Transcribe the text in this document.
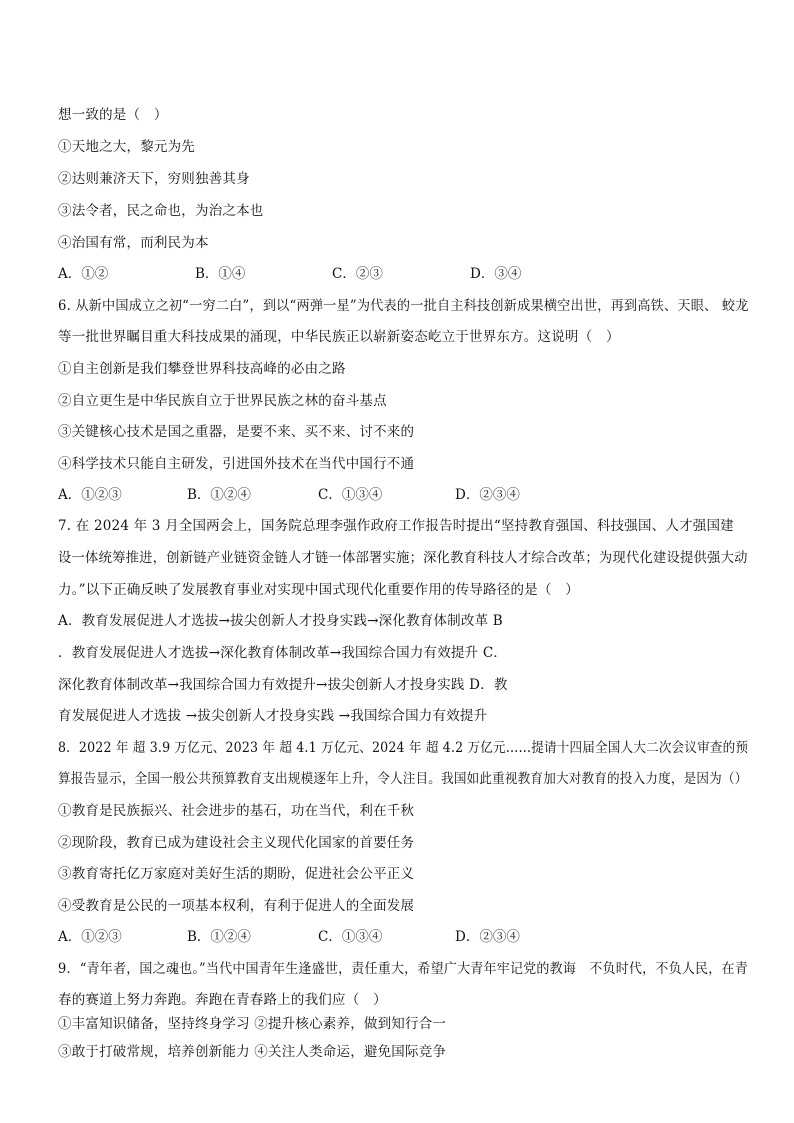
想一致的是（　）
①天地之大，黎元为先
②达则兼济天下，穷则独善其身
③法令者，民之命也，为治之本也
④治国有常，而利民为本
A．①②	B．①④	C．②③	D．③④
6. 从新中国成立之初“一穷二白”，到以“两弹一星”为代表的一批自主科技创新成果横空出世，再到高铁、天眼、 蛟龙
等一批世界瞩目重大科技成果的涌现，中华民族正以崭新姿态屹立于世界东方。这说明（　）
①自主创新是我们攀登世界科技高峰的必由之路
②自立更生是中华民族自立于世界民族之林的奋斗基点
③关键核心技术是国之重器，是要不来、买不来、讨不来的
④科学技术只能自主研发，引进国外技术在当代中国行不通
A．①②③	B．①②④	C．①③④	D．②③④
7. 在 2024 年 3 月全国两会上，国务院总理李强作政府工作报告时提出“坚持教育强国、科技强国、人才强国建
设一体统筹推进，创新链产业链资金链人才链一体部署实施；深化教育科技人才综合改革；为现代化建设提供强大动
力。”以下正确反映了发展教育事业对实现中国式现代化重要作用的传导路径的是（　）
A．教育发展促进人才选拔→拔尖创新人才投身实践→深化教育体制改革 B
．教育发展促进人才选拔→深化教育体制改革→我国综合国力有效提升 C．
深化教育体制改革→我国综合国力有效提升→拔尖创新人才投身实践 D．教
育发展促进人才选拔 →拔尖创新人才投身实践 →我国综合国力有效提升
8．2022 年 超 3.9 万亿元、2023 年 超 4.1 万亿元、2024 年 超 4.2 万亿元……提请十四届全国人大二次会议审查的预
算报告显示，全国一般公共预算教育支出规模逐年上升，令人注目。我国如此重视教育加大对教育的投入力度，是因为（）
①教育是民族振兴、社会进步的基石，功在当代，利在千秋
②现阶段，教育已成为建设社会主义现代化国家的首要任务
③教育寄托亿万家庭对美好生活的期盼，促进社会公平正义
④受教育是公民的一项基本权利，有利于促进人的全面发展
A．①②③	B．①②④	C．①③④	D．②③④
9．“青年者，国之魂也。”当代中国青年生逢盛世，责任重大，希望广大青年牢记党的教诲　不负时代，不负人民，在青
春的赛道上努力奔跑。奔跑在青春路上的我们应（　）
①丰富知识储备，坚持终身学习 ②提升核心素养，做到知行合一
③敢于打破常规，培养创新能力 ④关注人类命运，避免国际竞争
